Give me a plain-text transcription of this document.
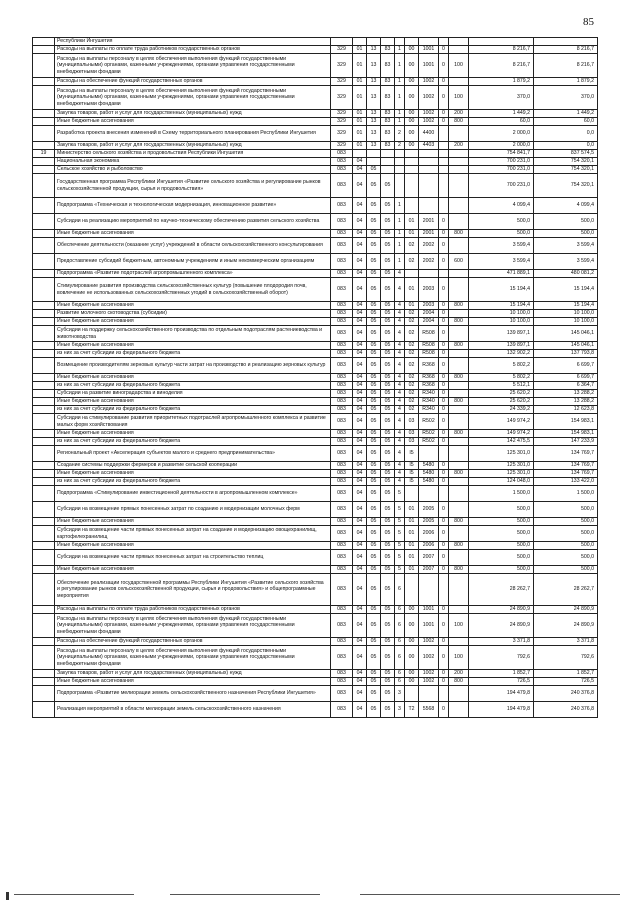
85
	Республики Ингушетия											
	Расходы на выплаты по оплате труда работников государственных органов	329	01	13	83	1	00	1001	0		8 216,7	8 216,7
	Расходы на выплаты персоналу в целях обеспечения выполнения функций государственными (муниципальными) органами, казенными учреждениями, органами управления государственными внебюджетными фондами	329	01	13	83	1	00	1001	0	100	8 216,7	8 216,7
	Расходы на обеспечение функций государственных органов	329	01	13	83	1	00	1002	0		1 879,2	1 879,2
	Расходы на выплаты персоналу в целях обеспечения выполнения функций государственными (муниципальными) органами, казенными учреждениями, органами управления государственными внебюджетными фондами	329	01	13	83	1	00	1002	0	100	370,0	370,0
	Закупка товаров, работ и услуг для государственных (муниципальных) нужд	329	01	13	83	1	00	1002	0	200	1 449,2	1 449,2
	Иные бюджетные ассигнования	329	01	13	83	1	00	1002	0	800	60,0	60,0
	Разработка проекта внесения изменений в Схему территориального планирования Республики Ингушетия	329	01	13	83	2	00	4400			2 000,0	0,0
	Закупка товаров, работ и услуг для государственных (муниципальных) нужд	329	01	13	83	2	00	4403		200	2 000,0	0,0
19	Министерство сельского хозяйства и продовольствия Республики Ингушетия	083									754 841,7	837 574,5
	Национальная экономика	083	04								700 231,0	754 320,1
	Сельское хозяйство и рыболовство	083	04	05							700 231,0	754 320,1
	Государственная программа Республики Ингушетия «Развитие сельского хозяйства и регулирование рынков сельскохозяйственной продукции, сырья и продовольствия»	083	04	05	05						700 231,0	754 320,1
	Подпрограмма «Техническая и технологическая модернизация, инновационное развитие»	083	04	05	05	1					4 099,4	4 099,4
	Субсидии на реализацию мероприятий по научно-техническому обеспечению развития сельского хозяйства	083	04	05	05	1	01	2001	0		500,0	500,0
	Иные бюджетные ассигнования	083	04	05	05	1	01	2001	0	800	500,0	500,0
	Обеспечение деятельности (оказание услуг) учреждений в области сельскохозяйственного консультирования	083	04	05	05	1	02	2002	0		3 599,4	3 599,4
	Предоставление субсидий бюджетным, автономным учреждениям и иным некоммерческим организациям	083	04	05	05	1	02	2002	0	600	3 599,4	3 599,4
	Подпрограмма «Развитие подотраслей агропромышленного комплекса»	083	04	05	05	4					471 889,1	480 081,2
	Стимулирование развития производства сельскохозяйственных культур (повышение плодородия почв, вовлечение не использованных сельскохозяйственных угодий в сельскохозяйственный оборот)	083	04	05	05	4	01	2003	0		15 194,4	15 194,4
	Иные бюджетные ассигнования	083	04	05	05	4	01	2003	0	800	15 194,4	15 194,4
	Развитие молочного скотоводства (субсидии)	083	04	05	05	4	02	2004	0		10 100,0	10 100,0
	Иные бюджетные ассигнования	083	04	05	05	4	02	2004	0	800	10 100,0	10 100,0
	Субсидии на поддержку сельскохозяйственного производства по отдельным подотраслям растениеводства и животноводства	083	04	05	05	4	02	R508	0		139 897,1	145 046,1
	Иные бюджетные ассигнования	083	04	05	05	4	02	R508	0	800	139 897,1	145 046,1
	из них за счет субсидии из федерального бюджета	083	04	05	05	4	02	R508	0		132 902,2	137 793,8
	Возмещение производителям зерновых культур части затрат на производство и реализацию зерновых культур	083	04	05	05	4	02	R368	0		5 802,2	6 699,7
	Иные бюджетные ассигнования	083	04	05	05	4	02	R368	0	800	5 802,2	6 699,7
	из них за счет субсидии из федерального бюджета	083	04	05	05	4	02	R368	0		5 512,1	6 364,7
	Субсидии на развитие виноградарства и виноделия	083	04	05	05	4	02	R340	0		25 620,2	13 288,2
	Иные бюджетные ассигнования	083	04	05	05	4	02	R340	0	800	25 620,2	13 288,2
	из них за счет субсидии из федерального бюджета	083	04	05	05	4	02	R340	0		24 339,2	12 623,8
	Субсидии на стимулирование развития приоритетных подотраслей агропромышленного комплекса и развитие малых форм хозяйствования	083	04	05	05	4	03	R502	0		149 974,2	154 983,1
	Иные бюджетные ассигнования	083	04	05	05	4	03	R502	0	800	149 974,2	154 983,1
	из них за счет субсидии из федерального бюджета	083	04	05	05	4	03	R502	0		142 475,5	147 233,9
	Региональный проект «Акселерация субъектов малого и среднего предпринимательства»	083	04	05	05	4	I5				125 301,0	134 769,7
	Создание системы поддержки фермеров и развитие сельской кооперации	083	04	05	05	4	I5	5480	0		125 301,0	134 769,7
	Иные бюджетные ассигнования	083	04	05	05	4	I5	5480	0	800	125 301,0	134 769,7
	из них за счет субсидии из федерального бюджета	083	04	05	05	4	I5	5480	0		124 048,0	133 422,0
	Подпрограмма «Стимулирование инвестиционной деятельности в агропромышленном комплексе»	083	04	05	05	5					1 500,0	1 500,0
	Субсидии на возмещение прямых понесенных затрат по созданию и модернизации молочных ферм	083	04	05	05	5	01	2005	0		500,0	500,0
	Иные бюджетные ассигнования	083	04	05	05	5	01	2005	0	800	500,0	500,0
	Субсидии на возмещение части прямых понесенных затрат на создание и модернизацию овощехранилищ, картофелехранилищ	083	04	05	05	5	01	2006	0		500,0	500,0
	Иные бюджетные ассигнования	083	04	05	05	5	01	2006	0	800	500,0	500,0
	Субсидии на возмещение части прямых понесенных затрат на строительство теплиц	083	04	05	05	5	01	2007	0		500,0	500,0
	Иные бюджетные ассигнования	083	04	05	05	5	01	2007	0	800	500,0	500,0
	Обеспечение реализации государственной программы Республики Ингушетия «Развитие сельского хозяйства и регулирование рынков сельскохозяйственной продукции, сырья и продовольствия» и общепрограммные мероприятия	083	04	05	05	6					28 262,7	28 262,7
	Расходы на выплаты по оплате труда работников государственных органов	083	04	05	05	6	00	1001	0		24 890,9	24 890,9
	Расходы на выплаты персоналу в целях обеспечения выполнения функций государственными (муниципальными) органами, казенными учреждениями, органами управления государственными внебюджетными фондами	083	04	05	05	6	00	1001	0	100	24 890,9	24 890,9
	Расходы на обеспечение функций государственных органов	083	04	05	05	6	00	1002	0		3 371,8	3 371,8
	Расходы на выплаты персоналу в целях обеспечения выполнения функций государственными (муниципальными) органами, казенными учреждениями, органами управления государственными внебюджетными фондами	083	04	05	05	6	00	1002	0	100	792,6	792,6
	Закупка товаров, работ и услуг для государственных (муниципальных) нужд	083	04	05	05	6	00	1002	0	200	1 852,7	1 852,7
	Иные бюджетные ассигнования	083	04	05	05	6	00	1002	0	800	726,5	726,5
	Подпрограмма «Развитие мелиорации земель сельскохозяйственного назначения Республики Ингушетия»	083	04	05	05	3					194 479,8	240 376,8
	Реализация мероприятий в области мелиорации земель сельскохозяйственного назначения	083	04	05	05	3	T2	5568	0		194 479,8	240 376,8
